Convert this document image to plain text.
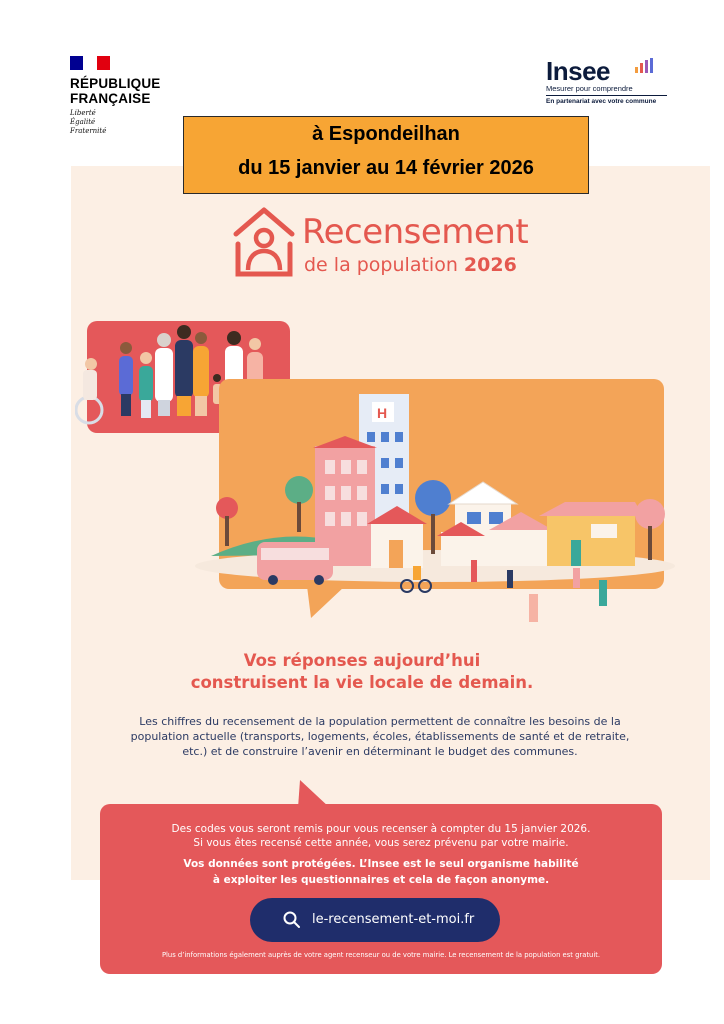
RÉPUBLIQUE
FRANÇAISE
Liberté
Égalité
Fraternité
Insee
Mesurer pour comprendre
En partenariat avec votre commune
à Espondeilhan
du 15 janvier au 14 février 2026
Recensement
de la population 2026
H
Vos réponses aujourd’hui
construisent la vie locale de demain.
Les chiffres du recensement de la population permettent de connaître les besoins de la
population actuelle (transports, logements, écoles, établissements de santé et de retraite,
etc.) et de construire l’avenir en déterminant le budget des communes.
Des codes vous seront remis pour vous recenser à compter du 15 janvier 2026.
Si vous êtes recensé cette année, vous serez prévenu par votre mairie.
Vos données sont protégées. L’Insee est le seul organisme habilité
à exploiter les questionnaires et cela de façon anonyme.
le-recensement-et-moi.fr
Plus d’informations également auprès de votre agent recenseur ou de votre mairie. Le recensement de la population est gratuit.
